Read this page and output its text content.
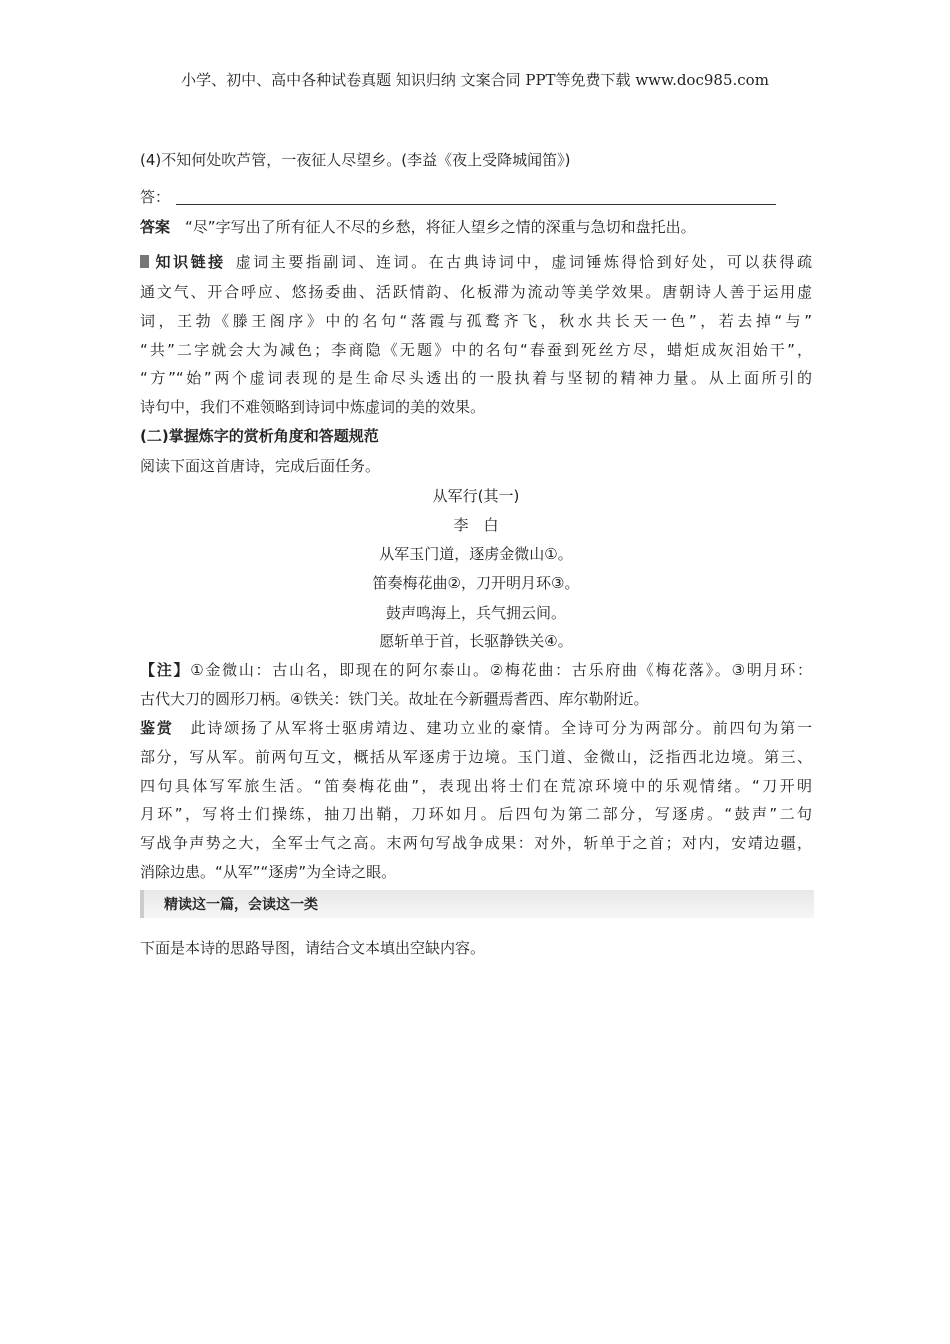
小学、初中、高中各种试卷真题 知识归纳 文案合同 PPT等免费下载 www.doc985.com
(4)不知何处吹芦管，一夜征人尽望乡。(李益《夜上受降城闻笛》)
答：
答案　 “尽”字写出了所有征人不尽的乡愁，将征人望乡之情的深重与急切和盘托出。
知识链接 虚词主要指副词、连词。在古典诗词中，虚词锤炼得恰到好处，可以获得疏
通文气、开合呼应、悠扬委曲、活跃情韵、化板滞为流动等美学效果。唐朝诗人善于运用虚
词，王勃《滕王阁序》中的名句“落霞与孤鹜齐飞，秋水共长天一色”，若去掉“与”
“共”二字就会大为减色；李商隐《无题》中的名句“春蚕到死丝方尽，蜡炬成灰泪始干”，
“方”“始”两个虚词表现的是生命尽头透出的一股执着与坚韧的精神力量。从上面所引的
诗句中，我们不难领略到诗词中炼虚词的美的效果。
(二)掌握炼字的赏析角度和答题规范
阅读下面这首唐诗，完成后面任务。
从军行(其一)
李　白
从军玉门道，逐虏金微山①。
笛奏梅花曲②，刀开明月环③。
鼓声鸣海上，兵气拥云间。
愿斩单于首，长驱静铁关④。
【注】①金微山：古山名，即现在的阿尔泰山。②梅花曲：古乐府曲《梅花落》。③明月环：
古代大刀的圆形刀柄。④铁关：铁门关。故址在今新疆焉耆西、库尔勒附近。
鉴赏　 此诗颂扬了从军将士驱虏靖边、建功立业的豪情。全诗可分为两部分。前四句为第一
部分，写从军。前两句互文，概括从军逐虏于边境。玉门道、金微山，泛指西北边境。第三、
四句具体写军旅生活。“笛奏梅花曲”，表现出将士们在荒凉环境中的乐观情绪。“刀开明
月环”，写将士们操练，抽刀出鞘，刀环如月。后四句为第二部分，写逐虏。“鼓声”二句
写战争声势之大，全军士气之高。末两句写战争成果：对外，斩单于之首；对内，安靖边疆，
消除边患。“从军”“逐虏”为全诗之眼。
精读这一篇，会读这一类
下面是本诗的思路导图，请结合文本填出空缺内容。
